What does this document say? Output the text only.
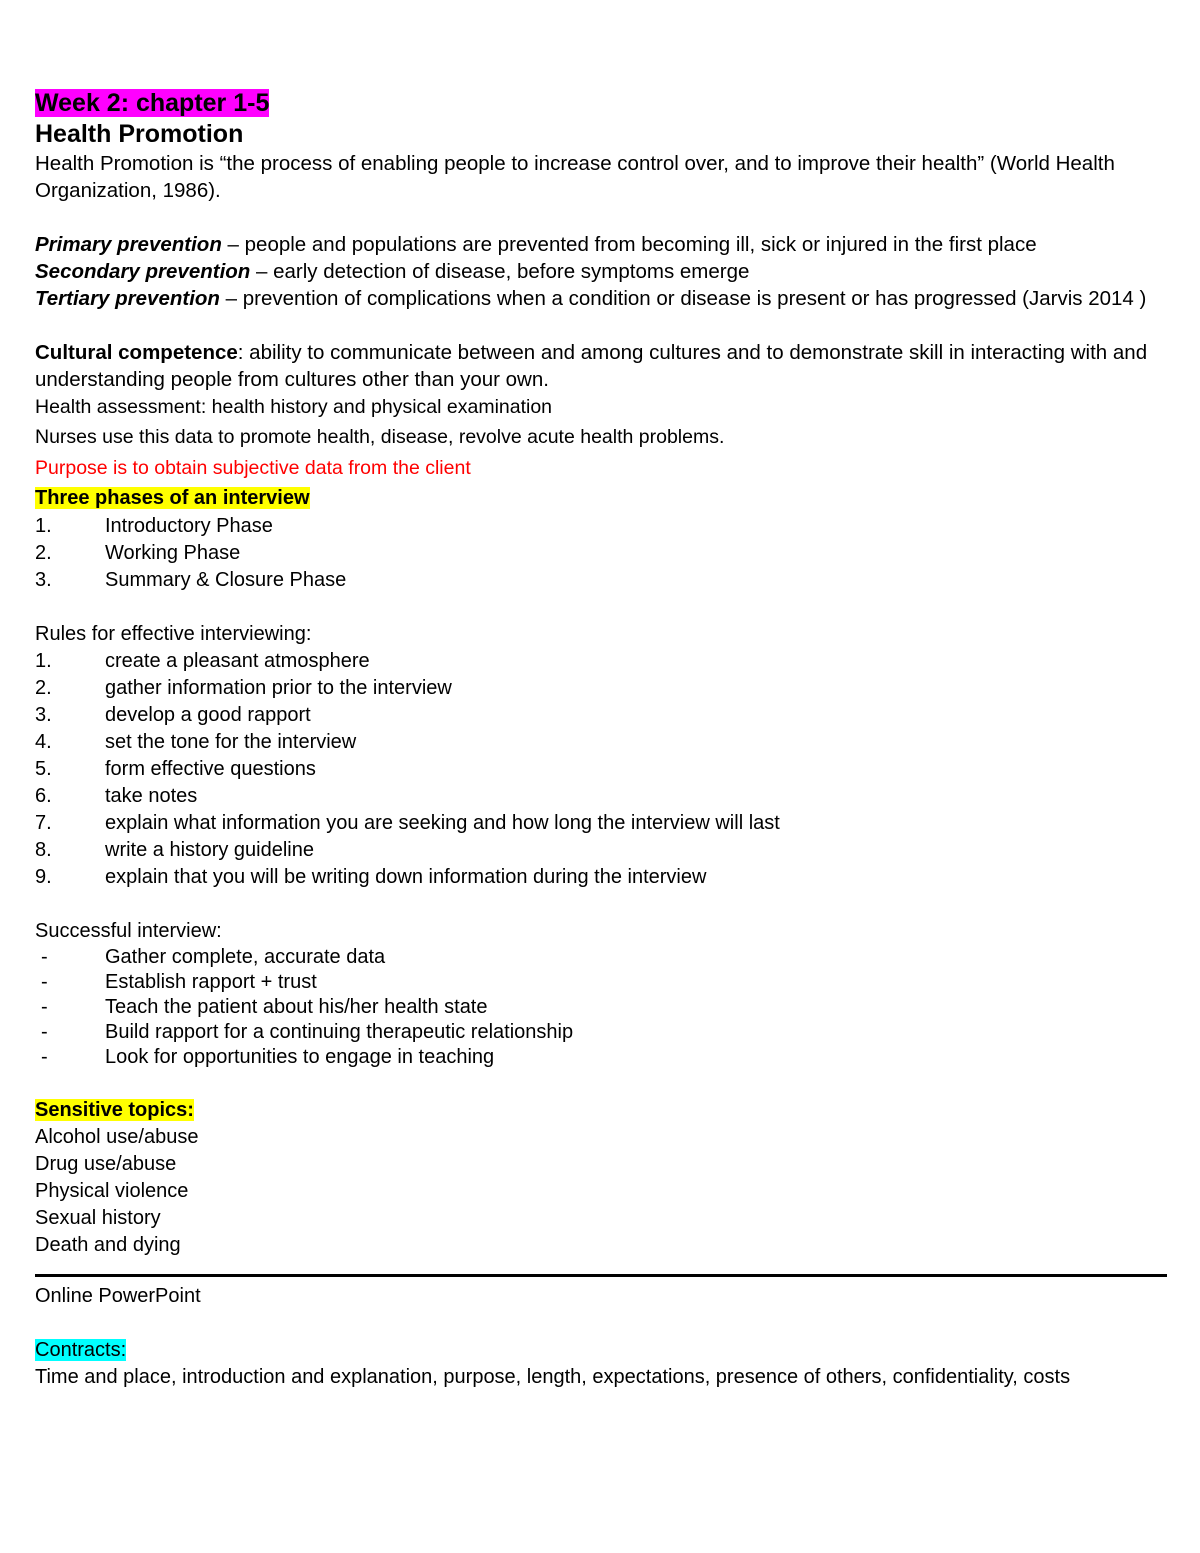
Week 2: chapter 1-5

Health Promotion

Health Promotion is “the process of enabling people to increase control over, and to improve their health” (World Health Organization, 1986).

Primary prevention – people and populations are prevented from becoming ill, sick or injured in the first place

Secondary prevention – early detection of disease, before symptoms emerge

Tertiary prevention – prevention of complications when a condition or disease is present or has progressed (Jarvis 2014 )

Cultural competence: ability to communicate between and among cultures and to demonstrate skill in interacting with and understanding people from cultures other than your own.

Health assessment: health history and physical examination

Nurses use this data to promote health, disease, revolve acute health problems.

Purpose is to obtain subjective data from the client

Three phases of an interview

1.	Introductory Phase
2.	Working Phase
3.	Summary & Closure Phase

Rules for effective interviewing:

1.	create a pleasant atmosphere
2.	gather information prior to the interview
3.	develop a good rapport
4.	set the tone for the interview
5.	form effective questions
6.	take notes
7.	explain what information you are seeking and how long the interview will last
8.	write a history guideline
9.	explain that you will be writing down information during the interview

Successful interview:

-	Gather complete, accurate data
-	Establish rapport + trust
-	Teach the patient about his/her health state
-	Build rapport for a continuing therapeutic relationship
-	Look for opportunities to engage in teaching

Sensitive topics:

Alcohol use/abuse

Drug use/abuse

Physical violence

Sexual history

Death and dying

Online PowerPoint

Contracts:

Time and place, introduction and explanation, purpose, length, expectations, presence of others, confidentiality, costs
